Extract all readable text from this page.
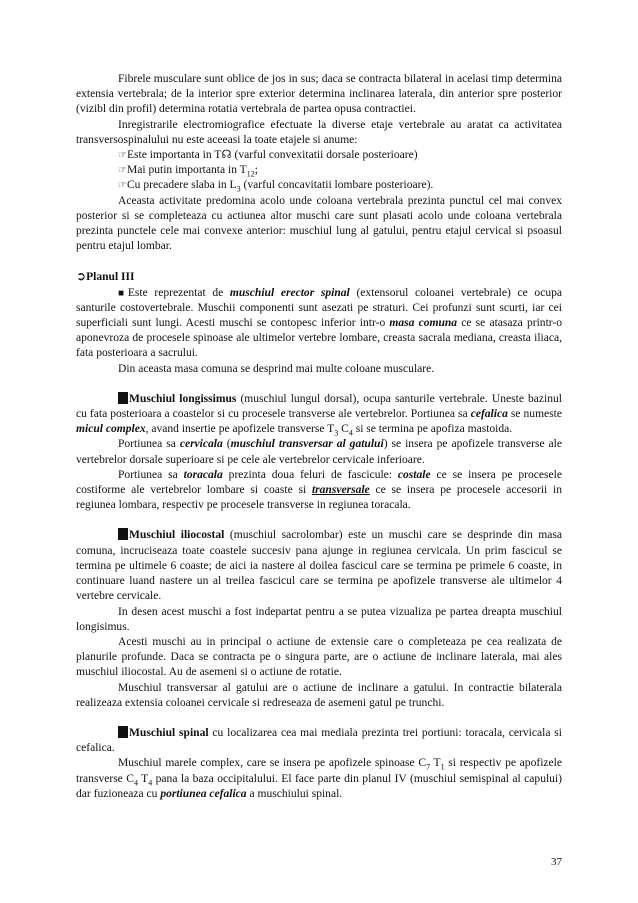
Fibrele musculare sunt oblice de jos in sus; daca se contracta bilateral in acelasi timp determina extensia vertebrala; de la interior spre exterior determina inclinarea laterala, din anterior spre posterior (vizibl din profil) determina rotatia vertebrala de partea opusa contractiei.

Inregistrarile electromiografice efectuate la diverse etaje vertebrale au aratat ca activitatea transversospinalului nu este aceeasi la toate etajele si anume:

☞Este importanta in T☊ (varful convexitatii dorsale posterioare)

☞Mai putin importanta in $T_{12}$;

☞Cu precadere slaba in $L_3$ (varful concavitatii lombare posterioare).

Aceasta activitate predomina acolo unde coloana vertebrala prezinta punctul cel mai convex posterior si se completeaza cu actiunea altor muschi care sunt plasati acolo unde coloana vertebrala prezinta punctele cele mai convexe anterior: muschiul lung al gatului, pentru etajul cervical si psoasul pentru etajul lombar.

➲Planul III

■Este reprezentat de muschiul erector spinal (extensorul coloanei vertebrale) ce ocupa santurile costovertebrale. Muschii componenti sunt asezati pe straturi. Cei profunzi sunt scurti, iar cei superficiali sunt lungi. Acesti muschi se contopesc inferior intr-o masa comuna ce se atasaza printr-o aponevroza de procesele spinoase ale ultimelor vertebre lombare, creasta sacrala mediana, creasta iliaca, fata posterioara a sacrului.

Din aceasta masa comuna se desprind mai multe coloane musculare.

Muschiul longissimus (muschiul lungul dorsal), ocupa santurile vertebrale. Uneste bazinul cu fata posterioara a coastelor si cu procesele transverse ale vertebrelor. Portiunea sa cefalica se numeste micul complex, avand insertie pe apofizele transverse $T_3$ $C_4$ si se termina pe apofiza mastoida.

Portiunea sa cervicala (muschiul transversar al gatului) se insera pe apofizele transverse ale vertebrelor dorsale superioare si pe cele ale vertebrelor cervicale inferioare.

Portiunea sa toracala prezinta doua feluri de fascicule: costale ce se insera pe procesele costiforme ale vertebrelor lombare si coaste si transversale ce se insera pe procesele accesorii in regiunea lombara, respectiv pe procesele transverse in regiunea toracala.

Muschiul iliocostal (muschiul sacrolombar) este un muschi care se desprinde din masa comuna, incruciseaza toate coastele succesiv pana ajunge in regiunea cervicala. Un prim fascicul se termina pe ultimele 6 coaste; de aici ia nastere al doilea fascicul care se termina pe primele 6 coaste, in continuare luand nastere un al treilea fascicul care se termina pe apofizele transverse ale ultimelor 4 vertebre cervicale.

In desen acest muschi a fost indepartat pentru a se putea vizualiza pe partea dreapta muschiul longisimus.

Acesti muschi au in principal o actiune de extensie care o completeaza pe cea realizata de planurile profunde. Daca se contracta pe o singura parte, are o actiune de inclinare laterala, mai ales muschiul iliocostal. Au de asemeni si o actiune de rotatie.

Muschiul transversar al gatului are o actiune de inclinare a gatului. In contractie bilaterala realizeaza extensia coloanei cervicale si redreseaza de asemeni gatul pe trunchi.

Muschiul spinal cu localizarea cea mai mediala prezinta trei portiuni: toracala, cervicala si cefalica.

Muschiul marele complex, care se insera pe apofizele spinoase $C_7$ $T_1$ si respectiv pe apofizele transverse $C_4$ $T_4$ pana la baza occipitalului. El face parte din planul IV (muschiul semispinal al capului) dar fuzioneaza cu portiunea cefalica a muschiului spinal.

37
